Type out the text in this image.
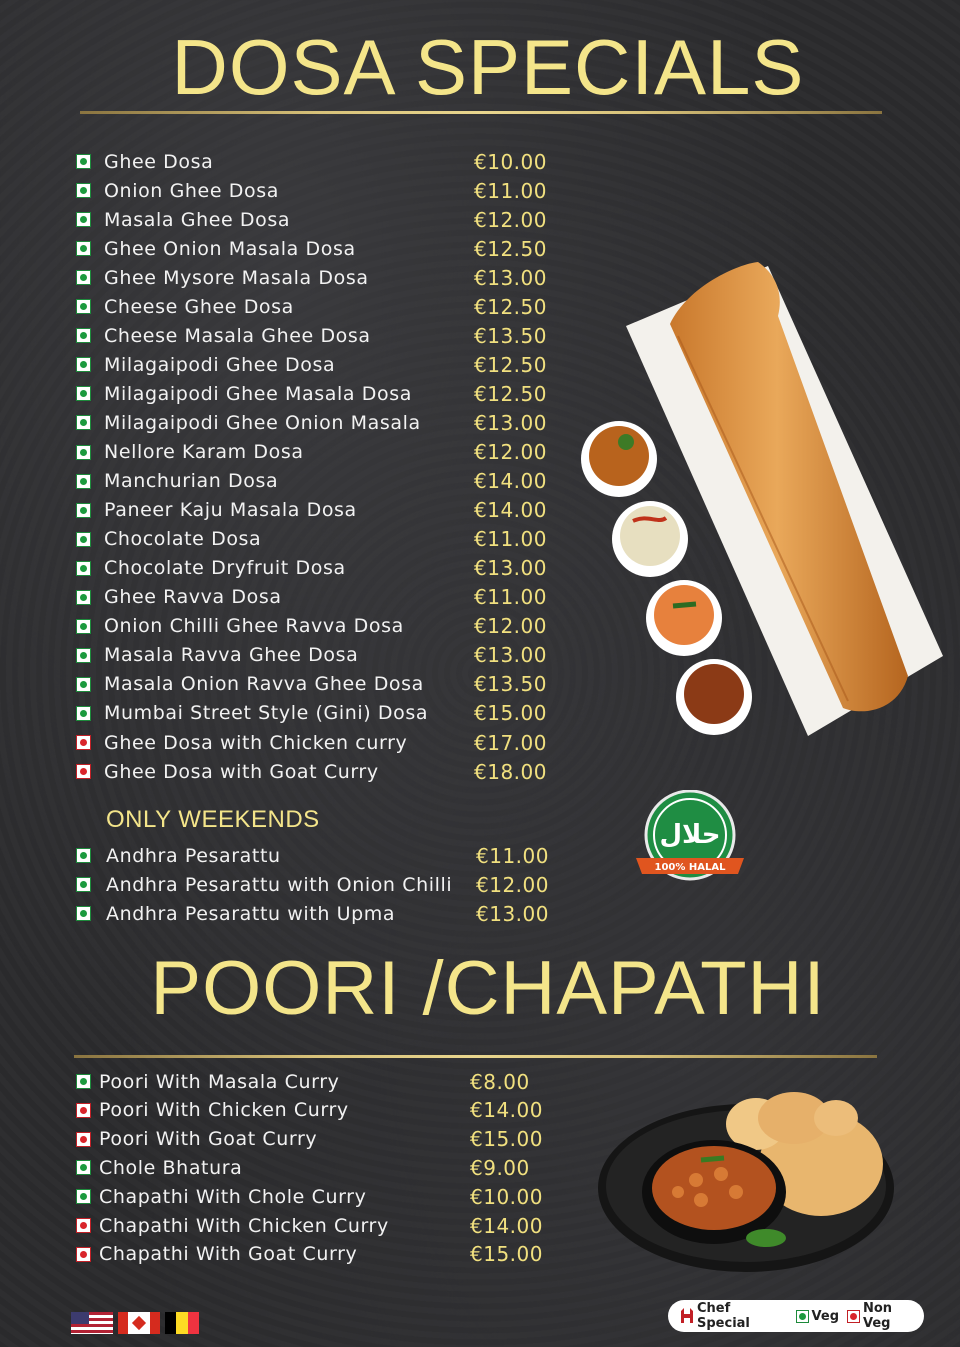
DOSA SPECIALS
Ghee Dosa	€10.00
Onion Ghee Dosa	€11.00
Masala Ghee Dosa	€12.00
Ghee Onion Masala Dosa	€12.50
Ghee Mysore Masala Dosa	€13.00
Cheese Ghee Dosa	€12.50
Cheese Masala Ghee Dosa	€13.50
Milagaipodi Ghee Dosa	€12.50
Milagaipodi Ghee Masala Dosa	€12.50
Milagaipodi Ghee Onion Masala	€13.00
Nellore Karam Dosa	€12.00
Manchurian Dosa	€14.00
Paneer Kaju Masala Dosa	€14.00
Chocolate Dosa	€11.00
Chocolate Dryfruit Dosa	€13.00
Ghee Ravva Dosa	€11.00
Onion Chilli Ghee Ravva Dosa	€12.00
Masala Ravva Ghee Dosa	€13.00
Masala Onion Ravva Ghee Dosa	€13.50
Mumbai Street Style (Gini) Dosa €15.00
Ghee Dosa with Chicken curry	€17.00
Ghee Dosa with Goat Curry	€18.00
ONLY WEEKENDS
Andhra Pesarattu	€11.00
Andhra Pesarattu with Onion Chilli €12.00
Andhra Pesarattu with Upma	€13.00
POORI /CHAPATHI
Poori With Masala Curry	€8.00
Poori With Chicken Curry	€14.00
Poori With Goat Curry	€15.00
Chole Bhatura	€9.00
Chapathi With Chole Curry	€10.00
Chapathi With Chicken Curry	€14.00
Chapathi With Goat Curry	€15.00
حلال
100% HALAL
Chef Special	Veg Non Veg
